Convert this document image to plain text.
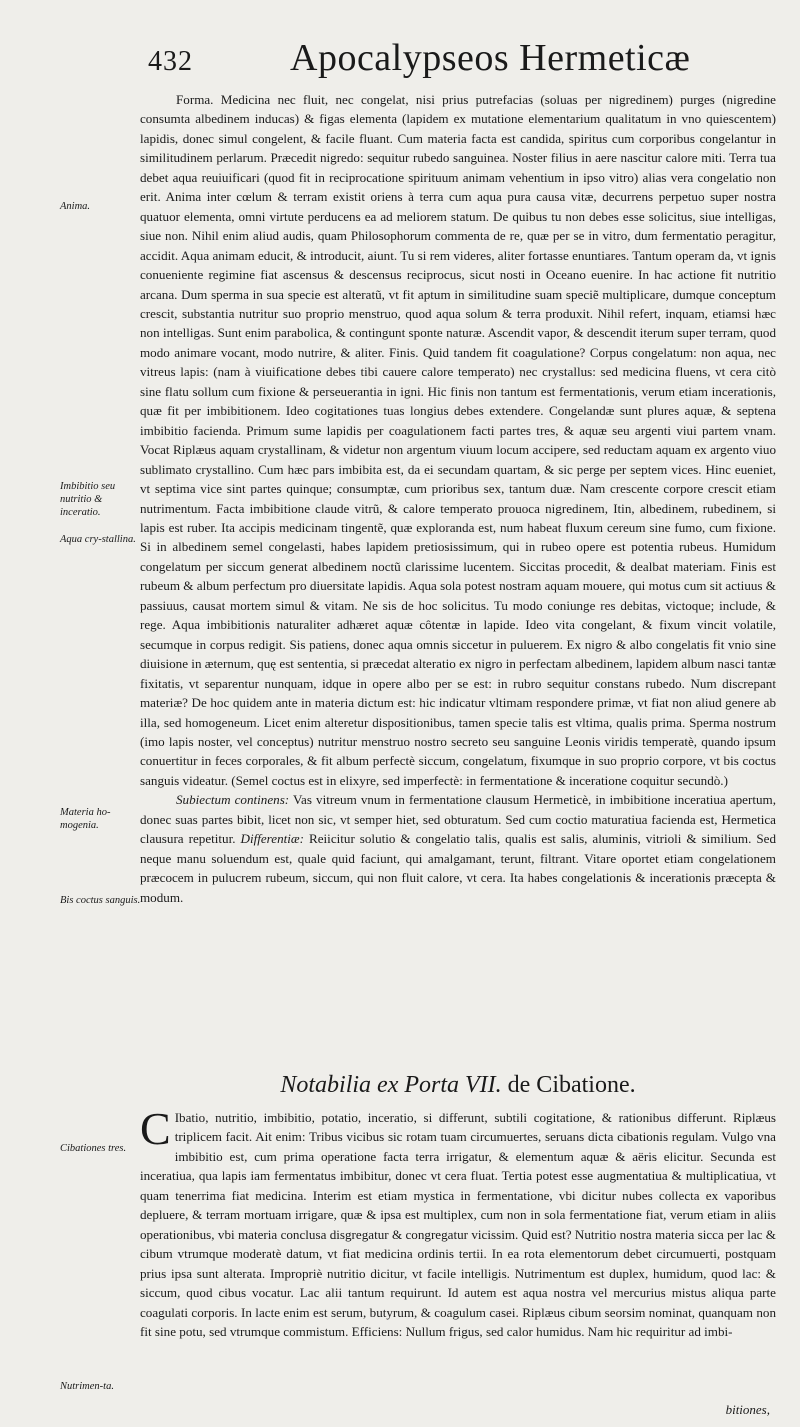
432	Apocalypseos Hermeticæ
Anima.
Imbibitio seu nutritio & inceratio.
Aqua cry-stallina.
Materia ho-mogenia.
Bis coctus sanguis.
Cibationes tres.
Nutrimen-ta.

Forma. Medicina nec fluit, nec congelat, nisi prius putrefacias (soluas per nigredinem) purges (nigredine consumta albedinem inducas) & figas elementa (lapidem ex mutatione elementarium qualitatum in vno quiescentem) lapidis, donec simul congelent, & facile fluant. Cum materia facta est candida, spiritus cum corporibus congelantur in similitudinem perlarum. Præcedit nigredo: sequitur rubedo sanguinea. Noster filius in aere nascitur calore miti. Terra tua debet aqua reuiuificari (quod fit in reciprocatione spirituum animam vehentium in ipso vitro) alias vera congelatio non erit. Anima inter cœlum & terram existit oriens à terra cum aqua pura causa vitæ, decurrens perpetuo super nostra quatuor elementa, omni virtute perducens ea ad meliorem statum. De quibus tu non debes esse solicitus, siue intelligas, siue non. Nihil enim aliud audis, quam Philosophorum commenta de re, quæ per se in vitro, dum fermentatio peragitur, accidit. Aqua animam educit, & introducit, aiunt. Tu si rem videres, aliter fortasse enuntiares. Tantum operam da, vt ignis conueniente regimine fiat ascensus & descensus reciprocus, sicut nosti in Oceano euenire. In hac actione fit nutritio arcana. Dum sperma in sua specie est alteratũ, vt fit aptum in similitudine suam speciẽ multiplicare, dumque conceptum crescit, substantia nutritur suo proprio menstruo, quod aqua solum & terra produxit. Nihil refert, inquam, etiamsi hæc non intelligas. Sunt enim parabolica, & contingunt sponte naturæ. Ascendit vapor, & descendit iterum super terram, quod modo animare vocant, modo nutrire, & aliter. Finis. Quid tandem fit coagulatione? Corpus congelatum: non aqua, nec vitreus lapis: (nam à viuificatione debes tibi cauere calore temperato) nec crystallus: sed medicina fluens, vt cera citò sine flatu sollum cum fixione & perseuerantia in igni. Hic finis non tantum est fermentationis, verum etiam incerationis, quæ fit per imbibitionem. Ideo cogitationes tuas longius debes extendere. Congelandæ sunt plures aquæ, & septena imbibitio facienda. Primum sume lapidis per coagulationem facti partes tres, & aquæ seu argenti viui partem vnam. Vocat Riplæus aquam crystallinam, & videtur non argentum viuum locum accipere, sed reductam aquam ex argento viuo sublimato crystallino. Cum hæc pars imbibita est, da ei secundam quartam, & sic perge per septem vices. Hinc eueniet, vt septima vice sint partes quinque; consumptæ, cum prioribus sex, tantum duæ. Nam crescente corpore crescit etiam nutrimentum. Facta imbibitione claude vitrũ, & calore temperato prouoca nigredinem, Itin, albedinem, rubedinem, si lapis est ruber. Ita accipis medicinam tingentẽ, quæ exploranda est, num habeat fluxum cereum sine fumo, cum fixione. Si in albedinem semel congelasti, habes lapidem pretiosissimum, qui in rubeo opere est potentia rubeus. Humidum congelatum per siccum generat albedinem noctũ clarissime lucentem. Siccitas procedit, & dealbat materiam. Finis est rubeum & album perfectum pro diuersitate lapidis. Aqua sola potest nostram aquam mouere, qui motus cum sit actiuus & passiuus, causat mortem simul & vitam. Ne sis de hoc solicitus. Tu modo coniunge res debitas, victoque; include, & rege. Aqua imbibitionis naturaliter adhæret aquæ côtentæ in lapide. Ideo vita congelant, & fixum vincit volatile, secumque in corpus redigit. Sis patiens, donec aqua omnis siccetur in puluerem. Ex nigro & albo congelatis fit vnio sine diuisione in æternum, quę est sententia, si præcedat alteratio ex nigro in perfectam albedinem, lapidem album nasci tantæ fixitatis, vt separentur nunquam, idque in opere albo per se est: in rubro sequitur constans rubedo. Num discrepant materiæ? De hoc quidem ante in materia dictum est: hic indicatur vltimam respondere primæ, vt fiat non aliud genere ab illa, sed homogeneum. Licet enim alteretur dispositionibus, tamen specie talis est vltima, qualis prima. Sperma nostrum (imo lapis noster, vel conceptus) nutritur menstruo nostro secreto seu sanguine Leonis viridis temperatè, quando ipsum conuertitur in feces corporales, & fit album perfectè siccum, congelatum, fixumque in suo proprio corpore, vt bis coctus sanguis videatur. (Semel coctus est in elixyre, sed imperfectè: in fermentatione & inceratione coquitur secundò.)

Subiectum continens: Vas vitreum vnum in fermentatione clausum Hermeticè, in imbibitione inceratiua apertum, donec suas partes bibit, licet non sic, vt semper hiet, sed obturatum. Sed cum coctio maturatiua facienda est, Hermetica clausura repetitur. Differentiæ: Reiicitur solutio & congelatio talis, qualis est salis, aluminis, vitrioli & similium. Sed neque manu soluendum est, quale quid faciunt, qui amalgamant, terunt, filtrant. Vitare oportet etiam congelationem præcocem in pulucrem rubeum, siccum, qui non fluit calore, vt cera. Ita habes congelationis & incerationis præcepta & modum.

Notabilia ex Porta VII. de Cibatione.

C Ibatio, nutritio, imbibitio, potatio, inceratio, si differunt, subtili cogitatione, & rationibus differunt. Riplæus triplicem facit. Ait enim: Tribus vicibus sic rotam tuam circumuertes, seruans dicta cibationis regulam. Vulgo vna imbibitio est, cum prima operatione facta terra irrigatur, & elementum aquæ & aëris elicitur. Secunda est inceratiua, qua lapis iam fermentatus imbibitur, donec vt cera fluat. Tertia potest esse augmentatiua & multiplicatiua, vt quam tenerrima fiat medicina. Interim est etiam mystica in fermentatione, vbi dicitur nubes collecta ex vaporibus depluere, & terram mortuam irrigare, quæ & ipsa est multiplex, cum non in sola fermentatione fiat, verum etiam in aliis operationibus, vbi materia conclusa disgregatur & congregatur vicissim. Quid est? Nutritio nostra materia sicca per lac & cibum vtrumque moderatè datum, vt fiat medicina ordinis tertii. In ea rota elementorum debet circumuerti, postquam prius ipsa sunt alterata. Impropriè nutritio dicitur, vt facile intelligis. Nutrimentum est duplex, humidum, quod lac: & siccum, quod cibus vocatur. Lac alii tantum requirunt. Id autem est aqua nostra vel mercurius mistus aliqua parte coagulati corporis. In lacte enim est serum, butyrum, & coagulum casei. Riplæus cibum seorsim nominat, quanquam non fit sine potu, sed vtrumque commistum. Efficiens: Nullum frigus, sed calor humidus. Nam hic requiritur ad imbi-

bitiones,
